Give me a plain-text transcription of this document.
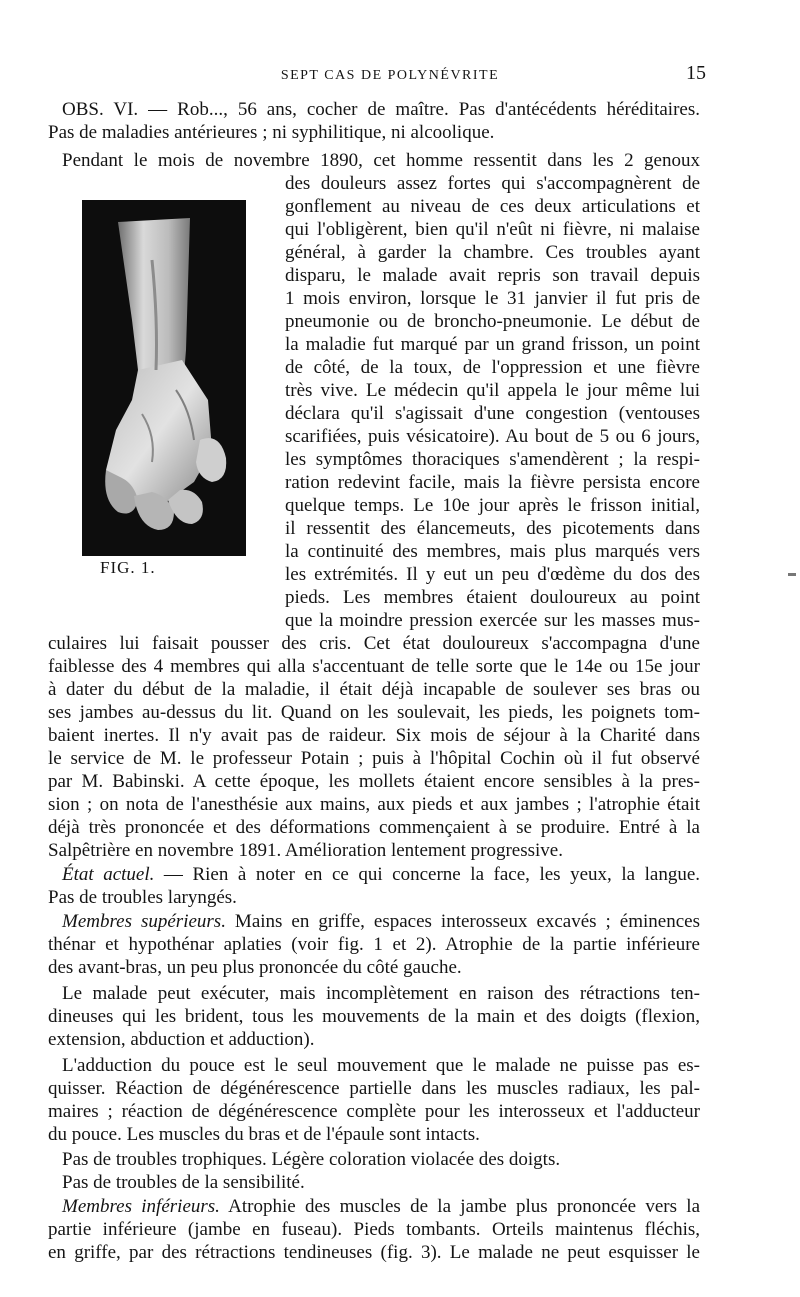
SEPT CAS DE POLYNÉVRITE	15
FIG. 1.
OBS. VI. — Rob..., 56 ans, cocher de maître. Pas d'antécédents héréditaires.
Pas de maladies antérieures ; ni syphilitique, ni alcoolique.
Pendant le mois de novembre 1890, cet homme ressentit dans les 2 genoux
des douleurs assez fortes qui s'accompagnèrent de
gonflement au niveau de ces deux articulations et
qui l'obligèrent, bien qu'il n'eût ni fièvre, ni malaise
général, à garder la chambre. Ces troubles ayant
disparu, le malade avait repris son travail depuis
1 mois environ, lorsque le 31 janvier il fut pris de
pneumonie ou de broncho-pneumonie. Le début de
la maladie fut marqué par un grand frisson, un point
de côté, de la toux, de l'oppression et une fièvre
très vive. Le médecin qu'il appela le jour même lui
déclara qu'il s'agissait d'une congestion (ventouses
scarifiées, puis vésicatoire). Au bout de 5 ou 6 jours,
les symptômes thoraciques s'amendèrent ; la respi-
ration redevint facile, mais la fièvre persista encore
quelque temps. Le 10e jour après le frisson initial,
il ressentit des élancemeuts, des picotements dans
la continuité des membres, mais plus marqués vers
les extrémités. Il y eut un peu d'œdème du dos des
pieds. Les membres étaient douloureux au point
que la moindre pression exercée sur les masses mus-
culaires lui faisait pousser des cris. Cet état douloureux s'accompagna d'une
faiblesse des 4 membres qui alla s'accentuant de telle sorte que le 14e ou 15e jour
à dater du début de la maladie, il était déjà incapable de soulever ses bras ou
ses jambes au-dessus du lit. Quand on les soulevait, les pieds, les poignets tom-
baient inertes. Il n'y avait pas de raideur. Six mois de séjour à la Charité dans
le service de M. le professeur Potain ; puis à l'hôpital Cochin où il fut observé
par M. Babinski. A cette époque, les mollets étaient encore sensibles à la pres-
sion ; on nota de l'anesthésie aux mains, aux pieds et aux jambes ; l'atrophie était
déjà très prononcée et des déformations commençaient à se produire. Entré à la
Salpêtrière en novembre 1891. Amélioration lentement progressive.
État actuel. — Rien à noter en ce qui concerne la face, les yeux, la langue.
Pas de troubles laryngés.
Membres supérieurs. Mains en griffe, espaces interosseux excavés ; éminences
thénar et hypothénar aplaties (voir fig. 1 et 2). Atrophie de la partie inférieure
des avant-bras, un peu plus prononcée du côté gauche.
Le malade peut exécuter, mais incomplètement en raison des rétractions ten-
dineuses qui les brident, tous les mouvements de la main et des doigts (flexion,
extension, abduction et adduction).
L'adduction du pouce est le seul mouvement que le malade ne puisse pas es-
quisser. Réaction de dégénérescence partielle dans les muscles radiaux, les pal-
maires ; réaction de dégénérescence complète pour les interosseux et l'adducteur
du pouce. Les muscles du bras et de l'épaule sont intacts.
Pas de troubles trophiques. Légère coloration violacée des doigts.
Pas de troubles de la sensibilité.
Membres inférieurs. Atrophie des muscles de la jambe plus prononcée vers la
partie inférieure (jambe en fuseau). Pieds tombants. Orteils maintenus fléchis,
en griffe, par des rétractions tendineuses (fig. 3). Le malade ne peut esquisser le
